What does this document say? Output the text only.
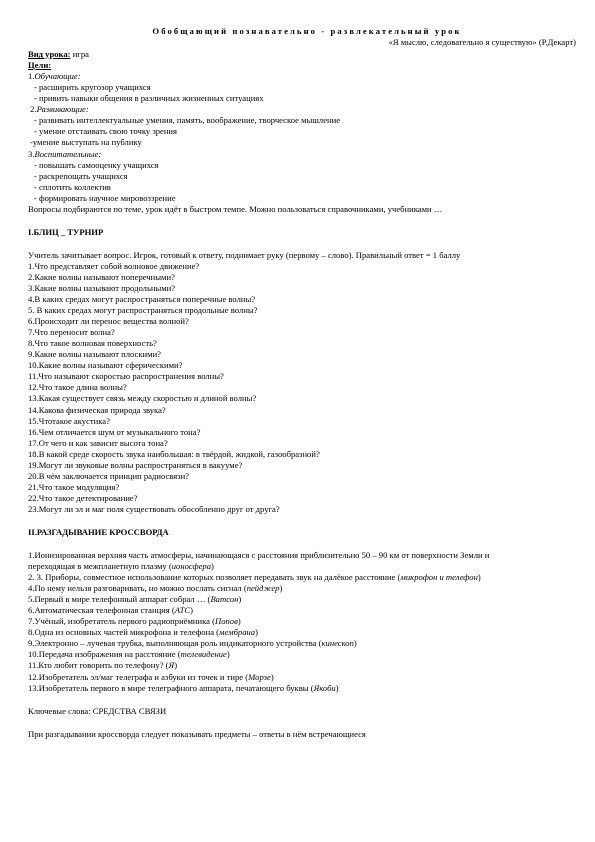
Обобщающий познавательно - развлекательный урок
«Я мыслю, следовательно я существую» (Р.Декарт)
Вид урока: игра
Цели:
1.Обучающие:
- расширить кругозор учащихся
- привить навыки общения в различных жизненных ситуациях
2.Развивающие:
- развивать интеллектуальные умения, память, воображение, творческое мышление
- умение отстаивать свою точку зрения
-умение выступать на публику
3.Воспитательные:
- повышать самооценку учащихся
- раскрепощать учащихся
- сплотить коллектив
- формировать научное мировоззрение
Вопросы подбираются по теме, урок идёт в быстром темпе. Можно пользоваться справочниками, учебниками …
I.БЛИЦ _ ТУРНИР
Учитель зачитывает вопрос. Игрок, готовый к ответу, поднимает руку (первому – слово). Правильный ответ = 1 баллу
1.Что представляет собой волновое движение?
2.Какие волны называют поперечными?
3.Какие волны называют продольными?
4.В каких средах могут распространяться поперечные волны?
5. В каких средах могут распространяться продольные волны?
6.Происходит ли перенос вещества волной?
7.Что переносит волна?
8.Что такое волновая поверхность?
9.Какие волны называют плоскими?
10.Какие волны называют сферическими?
11.Что называют скоростью распространения волны?
12.Что такое длина волны?
13.Какая существует связь между скоростью и длиной волны?
14.Какова физическая природа звука?
15.Чтотакое акустика?
16.Чем отличается шум от музыкального тона?
17.От чего и как зависит высота тона?
18.В какой среде скорость звука наибольшая: в твёрдой, жидкой, газообразной?
19.Могут ли звуковые волны распространяться в вакууме?
20.В чём заключается принцип радиосвязи?
21.Что такое модуляция?
22.Что такое детектирование?
23.Могут ли эл и маг поля существовать обособленно друг от друга?
II.РАЗГАДЫВАНИЕ КРОССВОРДА
1.Ионизированная верхняя часть атмосферы, начинающаяся с расстояния приблизительно 50 – 90 км от поверхности Земли и
переходящая в межпланетную плазму (ионосфера)
2. 3. Приборы, совместное использование которых позволяет передавать звук на далёкое расстояние (микрофон и телефон)
4.По нему нельзя разговаривать, но можно послать сигнал (пейджер)
5.Первый в мире телефонный аппарат собрал … (Ватсон)
6.Автоматическая телефонная станция (АТС)
7.Учёный, изобретатель первого радиоприёмника (Попов)
8.Одна из основных частей микрофона и телефона (мембрана)
9.Электронно – лучевая трубка, выполняющая роль индикаторного устройства (кинескоп)
10.Передача изображения на расстояние (телевидение)
11.Кто любит говорить по телефону? (Я)
12.Изобретатель эл/маг телеграфа и азбуки из точек и тире (Морзе)
13.Изобретатель первого в мире телеграфного аппарата, печатающего буквы (Якоби)
Ключевые слова: СРЕДСТВА СВЯЗИ
При разгадывании кроссворда следует показывать предметы – ответы в нём встречающиеся
